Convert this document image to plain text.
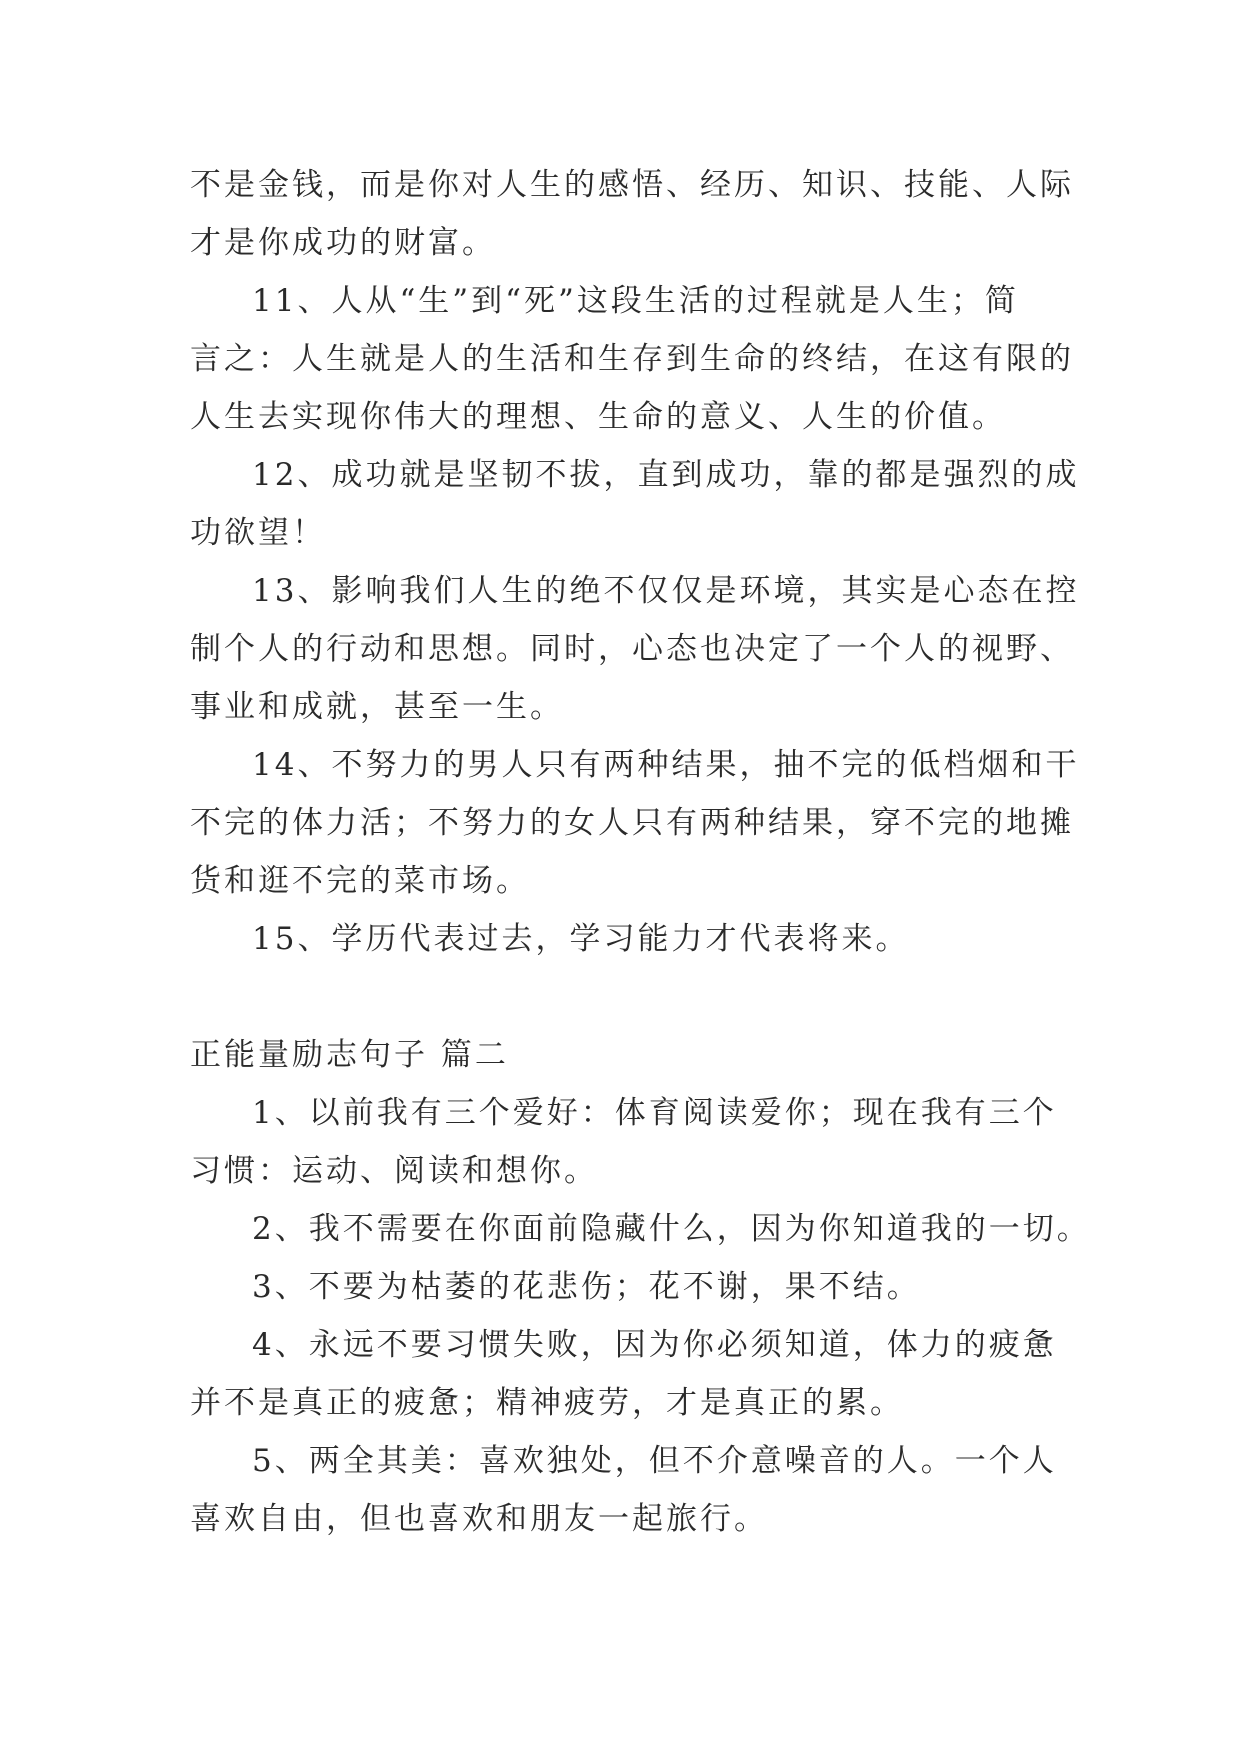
不是金钱，而是你对人生的感悟、经历、知识、技能、人际
才是你成功的财富。
11、人从“生”到“死”这段生活的过程就是人生；简
言之：人生就是人的生活和生存到生命的终结，在这有限的
人生去实现你伟大的理想、生命的意义、人生的价值。
12、成功就是坚韧不拔，直到成功，靠的都是强烈的成
功欲望！
13、影响我们人生的绝不仅仅是环境，其实是心态在控
制个人的行动和思想。同时，心态也决定了一个人的视野、
事业和成就，甚至一生。
14、不努力的男人只有两种结果，抽不完的低档烟和干
不完的体力活；不努力的女人只有两种结果，穿不完的地摊
货和逛不完的菜市场。
15、学历代表过去，学习能力才代表将来。
正能量励志句子 篇二
1、以前我有三个爱好：体育阅读爱你；现在我有三个
习惯：运动、阅读和想你。
2、我不需要在你面前隐藏什么，因为你知道我的一切。
3、不要为枯萎的花悲伤；花不谢，果不结。
4、永远不要习惯失败，因为你必须知道，体力的疲惫
并不是真正的疲惫；精神疲劳，才是真正的累。
5、两全其美：喜欢独处，但不介意噪音的人。一个人
喜欢自由，但也喜欢和朋友一起旅行。
